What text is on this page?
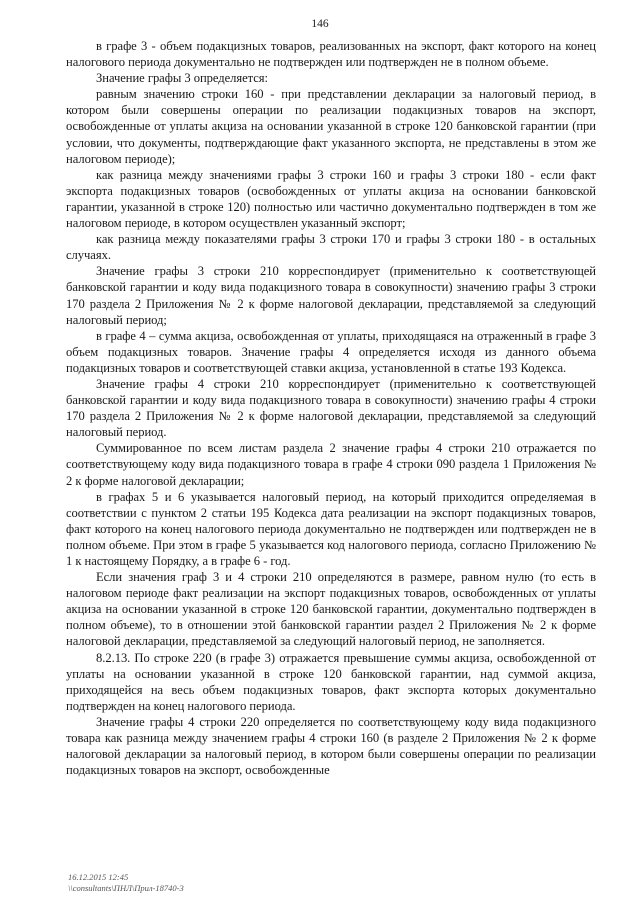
146

в графе 3 - объем подакцизных товаров, реализованных на экспорт, факт которого на конец налогового периода документально не подтвержден или подтвержден не в полном объеме.

Значение графы 3 определяется:

равным значению строки 160 - при представлении декларации за налоговый период, в котором были совершены операции по реализации подакцизных товаров на экспорт, освобожденные от уплаты акциза на основании указанной в строке 120 банковской гарантии (при условии, что документы, подтверждающие факт указанного экспорта, не представлены в этом же налоговом периоде);

как разница между значениями графы 3 строки 160 и графы 3 строки 180 - если факт экспорта подакцизных товаров (освобожденных от уплаты акциза на основании банковской гарантии, указанной в строке 120) полностью или частично документально подтвержден в том же налоговом периоде, в котором осуществлен указанный экспорт;

как разница между показателями графы 3 строки 170 и графы 3 строки 180 - в остальных случаях.

Значение графы 3 строки 210 корреспондирует (применительно к соответствующей банковской гарантии и коду вида подакцизного товара в совокупности) значению графы 3 строки 170 раздела 2 Приложения № 2 к форме налоговой декларации, представляемой за следующий налоговый период;

в графе 4 – сумма акциза, освобожденная от уплаты, приходящаяся на отраженный в графе 3 объем подакцизных товаров. Значение графы 4 определяется исходя из данного объема подакцизных товаров и соответствующей ставки акциза, установленной в статье 193 Кодекса.

Значение графы 4 строки 210 корреспондирует (применительно к соответствующей банковской гарантии и коду вида подакцизного товара в совокупности) значению графы 4 строки 170 раздела 2 Приложения № 2 к форме налоговой декларации, представляемой за следующий налоговый период.

Суммированное по всем листам раздела 2 значение графы 4 строки 210 отражается по соответствующему коду вида подакцизного товара в графе 4 строки 090 раздела 1 Приложения № 2 к форме налоговой декларации;

в графах 5 и 6 указывается налоговый период, на который приходится определяемая в соответствии с пунктом 2 статьи 195 Кодекса дата реализации на экспорт подакцизных товаров, факт которого на конец налогового периода документально не подтвержден или подтвержден не в полном объеме. При этом в графе 5 указывается код налогового периода, согласно Приложению № 1 к настоящему Порядку, а в графе 6 - год.

Если значения граф 3 и 4 строки 210 определяются в размере, равном нулю (то есть в налоговом периоде факт реализации на экспорт подакцизных товаров, освобожденных от уплаты акциза на основании указанной в строке 120 банковской гарантии, документально подтвержден в полном объеме), то в отношении этой банковской гарантии раздел 2 Приложения № 2 к форме налоговой декларации, представляемой за следующий налоговый период, не заполняется.

8.2.13. По строке 220 (в графе 3) отражается превышение суммы акциза, освобожденной от уплаты на основании указанной в строке 120 банковской гарантии, над суммой акциза, приходящейся на весь объем подакцизных товаров, факт экспорта которых документально подтвержден на конец налогового периода.

Значение графы 4 строки 220 определяется по соответствующему коду вида подакцизного товара как разница между значением графы 4 строки 160 (в разделе 2 Приложения № 2 к форме налоговой декларации за налоговый период, в котором были совершены операции по реализации подакцизных товаров на экспорт, освобожденные

16.12.2015 12:45
\\consultants\ПНЛ\Прил-18740-3
